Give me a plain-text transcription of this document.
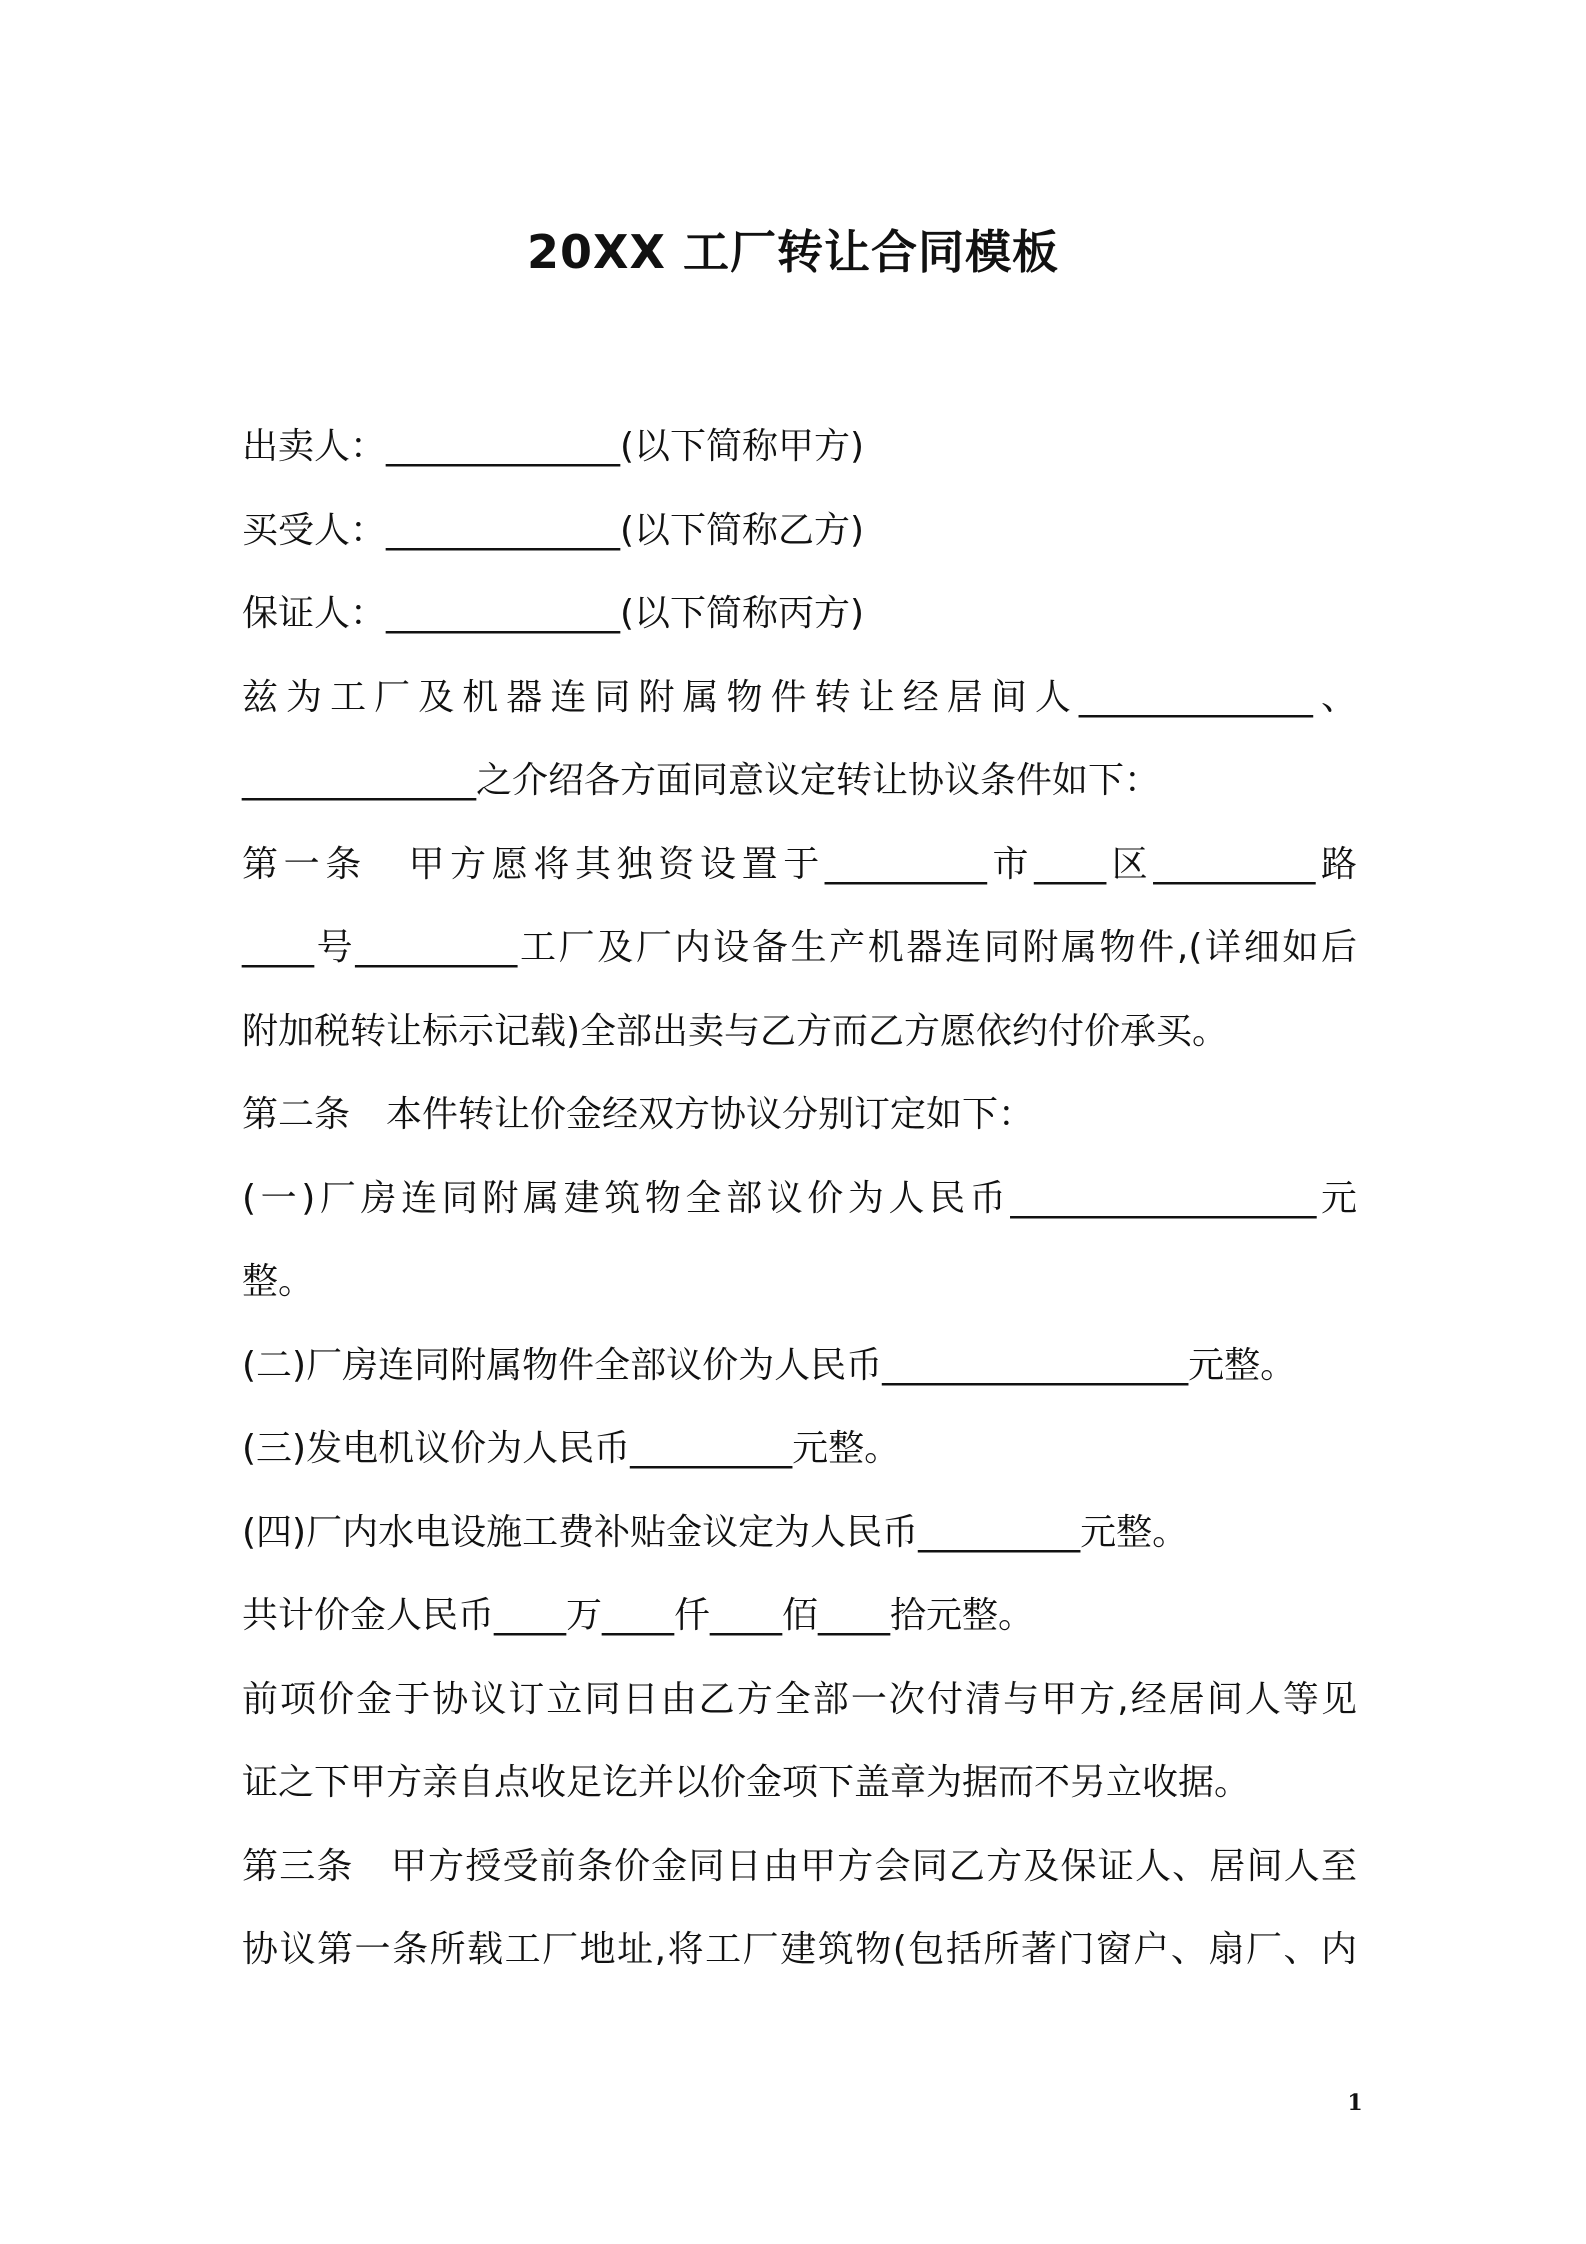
20XX 工厂转让合同模板
出卖人：_____________(以下简称甲方)
买受人：_____________(以下简称乙方)
保证人：_____________(以下简称丙方)
兹为工厂及机器连同附属物件转让经居间人_____________、
_____________之介绍各方面同意议定转让协议条件如下：
第一条　甲方愿将其独资设置于_________市____区_________路
____号_________工厂及厂内设备生产机器连同附属物件,(详细如后
附加税转让标示记载)全部出卖与乙方而乙方愿依约付价承买。
第二条　本件转让价金经双方协议分别订定如下：
(一)厂房连同附属建筑物全部议价为人民币_________________元
整。
(二)厂房连同附属物件全部议价为人民币_________________元整。
(三)发电机议价为人民币_________元整。
(四)厂内水电设施工费补贴金议定为人民币_________元整。
共计价金人民币____万____仟____佰____拾元整。
前项价金于协议订立同日由乙方全部一次付清与甲方,经居间人等见
证之下甲方亲自点收足讫并以价金项下盖章为据而不另立收据。
第三条　甲方授受前条价金同日由甲方会同乙方及保证人、居间人至
协议第一条所载工厂地址,将工厂建筑物(包括所著门窗户、扇厂、内
1
